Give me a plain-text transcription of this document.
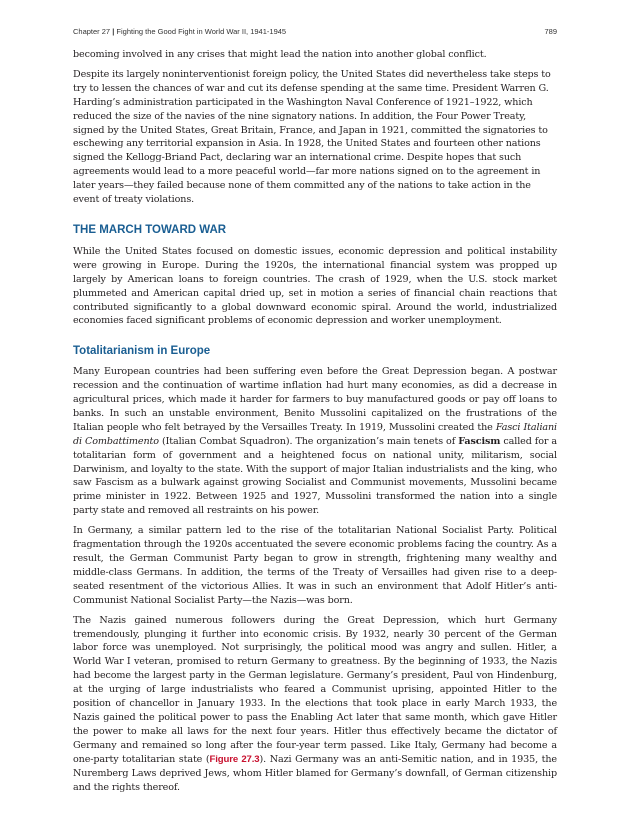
Chapter 27 | Fighting the Good Fight in World War II, 1941-1945	789

becoming involved in any crises that might lead the nation into another global conflict.

Despite its largely noninterventionist foreign policy, the United States did nevertheless take steps to try to lessen the chances of war and cut its defense spending at the same time. President Warren G. Harding’s administration participated in the Washington Naval Conference of 1921–1922, which reduced the size of the navies of the nine signatory nations. In addition, the Four Power Treaty, signed by the United States, Great Britain, France, and Japan in 1921, committed the signatories to eschewing any territorial expansion in Asia. In 1928, the United States and fourteen other nations signed the Kellogg-Briand Pact, declaring war an international crime. Despite hopes that such agreements would lead to a more peaceful world—far more nations signed on to the agreement in later years—they failed because none of them committed any of the nations to take action in the event of treaty violations.

THE MARCH TOWARD WAR

While the United States focused on domestic issues, economic depression and political instability were growing in Europe. During the 1920s, the international financial system was propped up largely by American loans to foreign countries. The crash of 1929, when the U.S. stock market plummeted and American capital dried up, set in motion a series of financial chain reactions that contributed significantly to a global downward economic spiral. Around the world, industrialized economies faced significant problems of economic depression and worker unemployment.

Totalitarianism in Europe

Many European countries had been suffering even before the Great Depression began. A postwar recession and the continuation of wartime inflation had hurt many economies, as did a decrease in agricultural prices, which made it harder for farmers to buy manufactured goods or pay off loans to banks. In such an unstable environment, Benito Mussolini capitalized on the frustrations of the Italian people who felt betrayed by the Versailles Treaty. In 1919, Mussolini created the Fasci Italiani di Combattimento (Italian Combat Squadron). The organization’s main tenets of Fascism called for a totalitarian form of government and a heightened focus on national unity, militarism, social Darwinism, and loyalty to the state. With the support of major Italian industrialists and the king, who saw Fascism as a bulwark against growing Socialist and Communist movements, Mussolini became prime minister in 1922. Between 1925 and 1927, Mussolini transformed the nation into a single party state and removed all restraints on his power.

In Germany, a similar pattern led to the rise of the totalitarian National Socialist Party. Political fragmentation through the 1920s accentuated the severe economic problems facing the country. As a result, the German Communist Party began to grow in strength, frightening many wealthy and middle-class Germans. In addition, the terms of the Treaty of Versailles had given rise to a deep-seated resentment of the victorious Allies. It was in such an environment that Adolf Hitler’s anti-Communist National Socialist Party—the Nazis—was born.

The Nazis gained numerous followers during the Great Depression, which hurt Germany tremendously, plunging it further into economic crisis. By 1932, nearly 30 percent of the German labor force was unemployed. Not surprisingly, the political mood was angry and sullen. Hitler, a World War I veteran, promised to return Germany to greatness. By the beginning of 1933, the Nazis had become the largest party in the German legislature. Germany’s president, Paul von Hindenburg, at the urging of large industrialists who feared a Communist uprising, appointed Hitler to the position of chancellor in January 1933. In the elections that took place in early March 1933, the Nazis gained the political power to pass the Enabling Act later that same month, which gave Hitler the power to make all laws for the next four years. Hitler thus effectively became the dictator of Germany and remained so long after the four-year term passed. Like Italy, Germany had become a one-party totalitarian state (Figure 27.3). Nazi Germany was an anti-Semitic nation, and in 1935, the Nuremberg Laws deprived Jews, whom Hitler blamed for Germany’s downfall, of German citizenship and the rights thereof.
